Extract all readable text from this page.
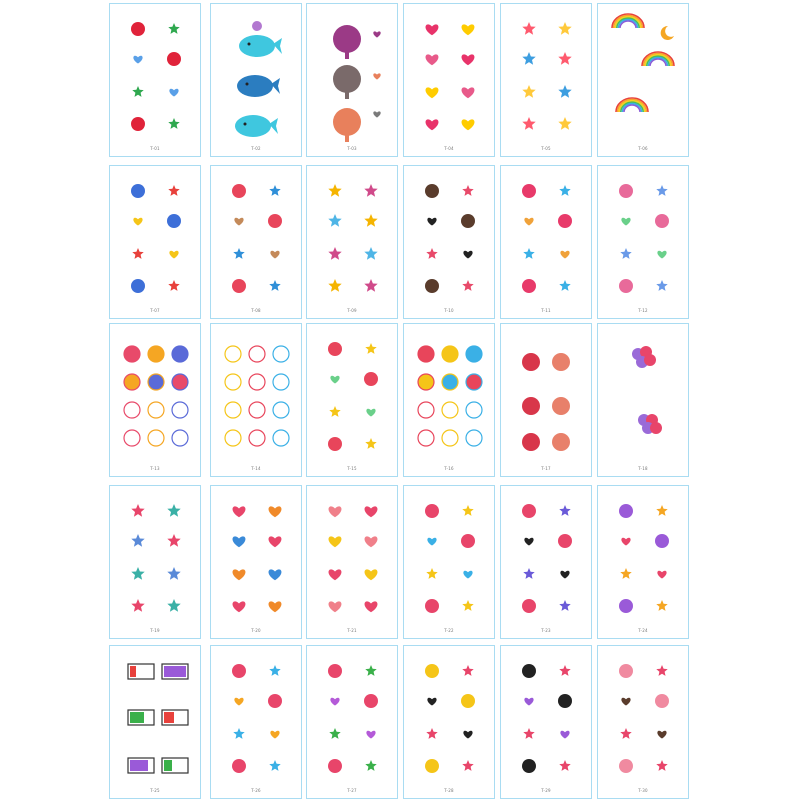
T-01	T-02	T-03	T-04	T-05	T-06
T-07	T-08	T-09	T-10	T-11	T-12
T-13	T-14	T-15	T-16	T-17	T-18
T-19	T-20	T-21	T-22	T-23	T-24
T-25	T-26	T-27	T-28	T-29	T-30
